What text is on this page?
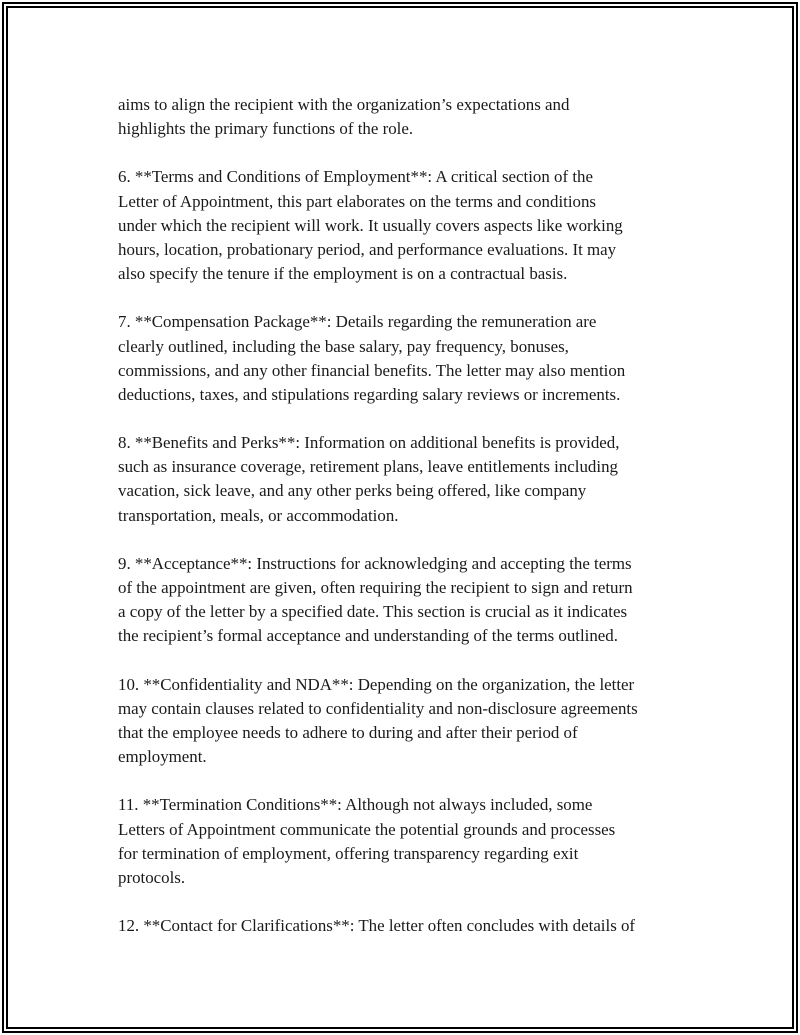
aims to align the recipient with the organization’s expectations and
highlights the primary functions of the role.

6. **Terms and Conditions of Employment**: A critical section of the
Letter of Appointment, this part elaborates on the terms and conditions
under which the recipient will work. It usually covers aspects like working
hours, location, probationary period, and performance evaluations. It may
also specify the tenure if the employment is on a contractual basis.

7. **Compensation Package**: Details regarding the remuneration are
clearly outlined, including the base salary, pay frequency, bonuses,
commissions, and any other financial benefits. The letter may also mention
deductions, taxes, and stipulations regarding salary reviews or increments.

8. **Benefits and Perks**: Information on additional benefits is provided,
such as insurance coverage, retirement plans, leave entitlements including
vacation, sick leave, and any other perks being offered, like company
transportation, meals, or accommodation.

9. **Acceptance**: Instructions for acknowledging and accepting the terms
of the appointment are given, often requiring the recipient to sign and return
a copy of the letter by a specified date. This section is crucial as it indicates
the recipient’s formal acceptance and understanding of the terms outlined.

10. **Confidentiality and NDA**: Depending on the organization, the letter
may contain clauses related to confidentiality and non-disclosure agreements
that the employee needs to adhere to during and after their period of
employment.

11. **Termination Conditions**: Although not always included, some
Letters of Appointment communicate the potential grounds and processes
for termination of employment, offering transparency regarding exit
protocols.

12. **Contact for Clarifications**: The letter often concludes with details of
